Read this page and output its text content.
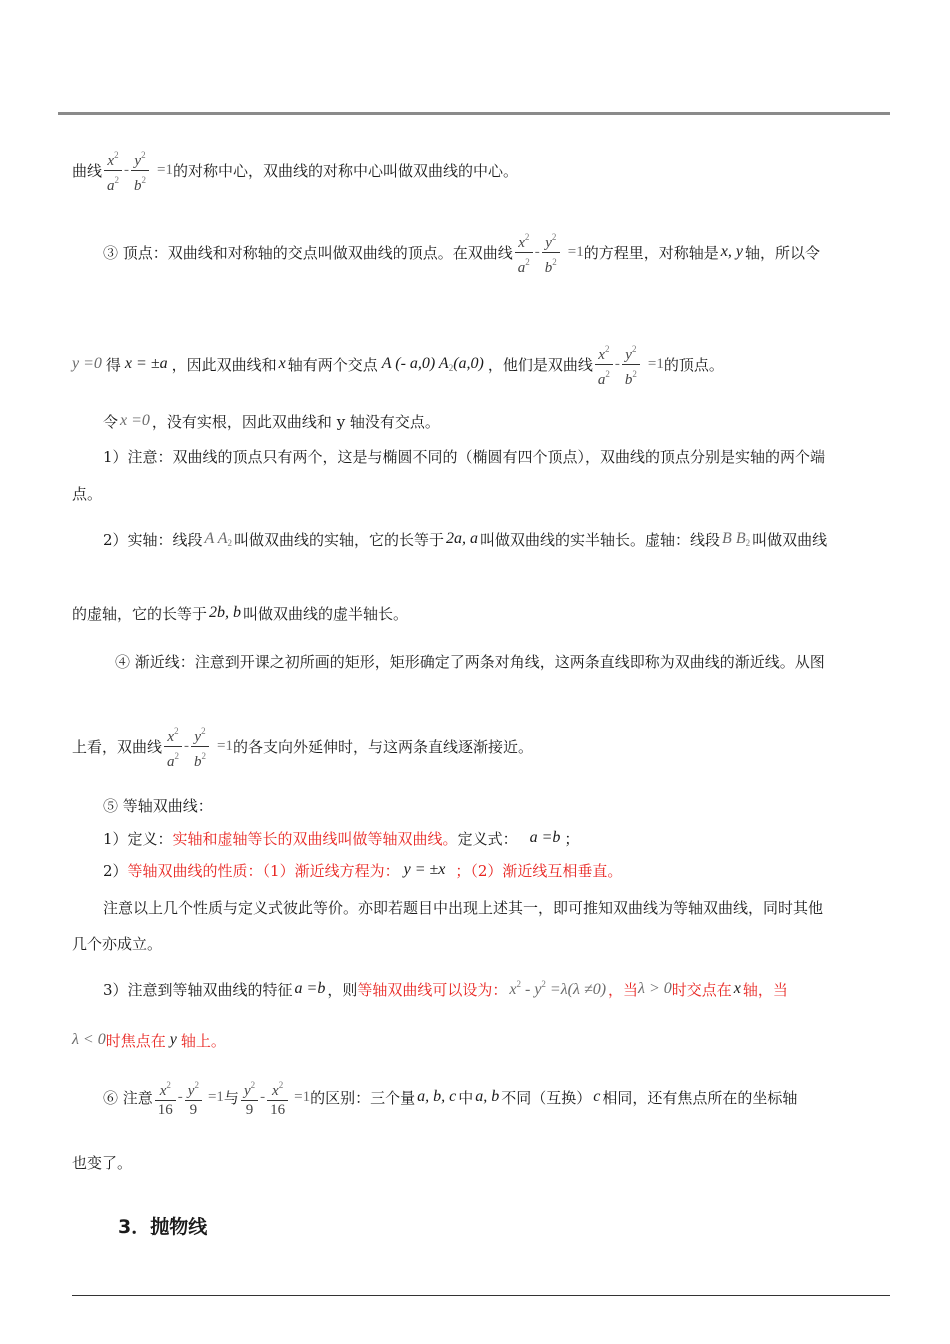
曲线 $\frac{x^2}{a^2} - \frac{y^2}{b^2} =1$ 的对称中心，双曲线的对称中心叫做双曲线的中心。
③ 顶点：双曲线和对称轴的交点叫做双曲线的顶点。在双曲线 $\frac{x^2}{a^2} - \frac{y^2}{b^2} =1$ 的方程里，对称轴是 x, y 轴，所以令
y =0 得 x = ±a ，因此双曲线和 x 轴有两个交点 A (- a,0) $A_2(a,0)$ ，他们是双曲线 $\frac{x^2}{a^2} - \frac{y^2}{b^2} =1$ 的顶点。
令 x =0 ，没有实根，因此双曲线和 y 轴没有交点。
1）注意：双曲线的顶点只有两个，这是与椭圆不同的（椭圆有四个顶点），双曲线的顶点分别是实轴的两个端
点。
2）实轴：线段 A $A_2$ 叫做双曲线的实轴，它的长等于 2a, a 叫做双曲线的实半轴长。虚轴：线段 B $B_2$ 叫做双曲线
的虚轴，它的长等于 2b, b 叫做双曲线的虚半轴长。
④ 渐近线：注意到开课之初所画的矩形，矩形确定了两条对角线，这两条直线即称为双曲线的渐近线。从图
上看，双曲线 $\frac{x^2}{a^2} - \frac{y^2}{b^2} =1$ 的各支向外延伸时，与这两条直线逐渐接近。
⑤ 等轴双曲线：
1）定义： 实轴和虚轴等长的双曲线叫做等轴双曲线。 定义式： a =b ；
2） 等轴双曲线的性质：（1）渐近线方程为： y = ±x ；（2）渐近线互相垂直。
注意以上几个性质与定义式彼此等价。亦即若题目中出现上述其一，即可推知双曲线为等轴双曲线，同时其他
几个亦成立。
3）注意到等轴双曲线的特征 a =b ，则 等轴双曲线可以设为： $x^2 - y^2 =\lambda(\lambda \ne 0)$ ，当 λ > 0 时交点在 x 轴，当
λ < 0 时焦点在 y 轴上。
⑥ 注意 $\frac{x^2}{16} - \frac{y^2}{9} =1$ 与 $\frac{y^2}{9} - \frac{x^2}{16} =1$ 的区别：三个量 a, b, c 中 a, b 不同（互换） c 相同，还有焦点所在的坐标轴
也变了。
3．抛物线
